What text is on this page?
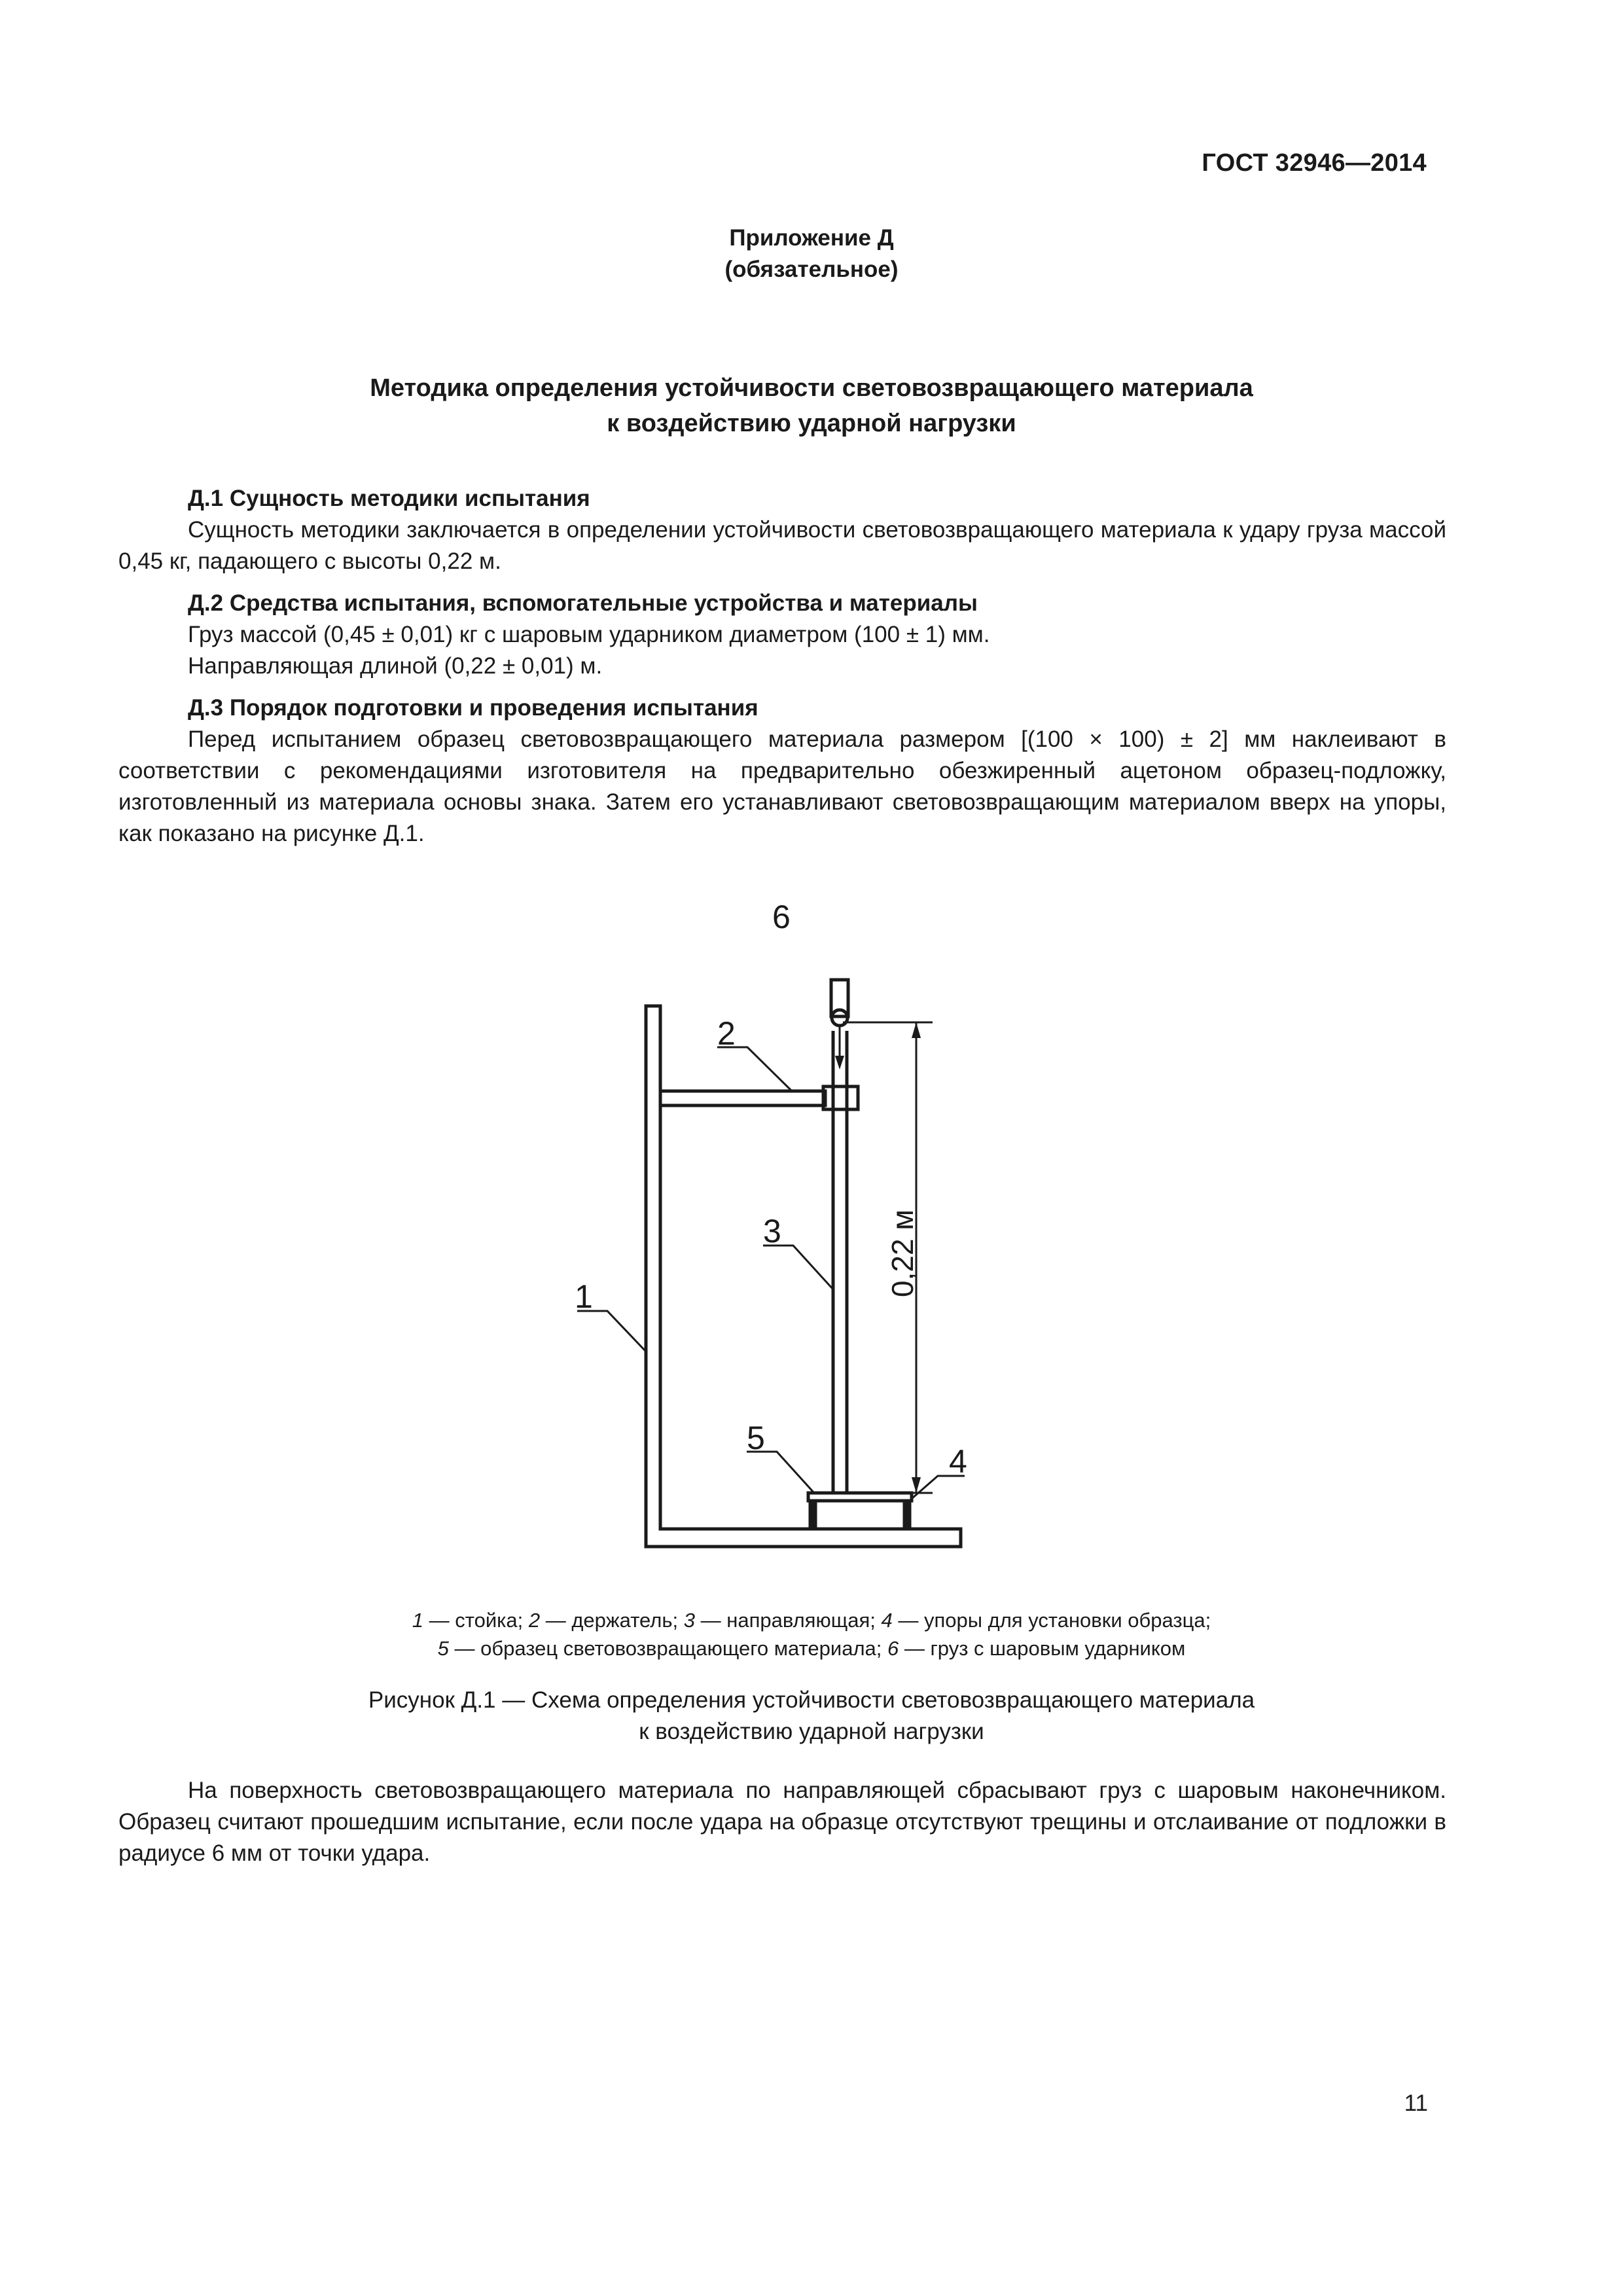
ГОСТ 32946—2014
Приложение Д
(обязательное)
Методика определения устойчивости световозвращающего материала
к воздействию ударной нагрузки
Д.1 Сущность методики испытания

Сущность методики заключается в определении устойчивости световозвращающего материала к удару груза массой 0,45 кг, падающего с высоты 0,22 м.

Д.2 Средства испытания, вспомогательные устройства и материалы

Груз массой (0,45 ± 0,01) кг с шаровым ударником диаметром (100 ± 1) мм.

Направляющая длиной (0,22 ± 0,01) м.

Д.3 Порядок подготовки и проведения испытания

Перед испытанием образец световозвращающего материала размером [(100 × 100) ± 2] мм наклеивают в соответствии с рекомендациями изготовителя на предварительно обезжиренный ацетоном образец-подложку, изготовленный из материала основы знака. Затем его устанавливают световозвращающим материалом вверх на упоры, как показано на рисунке Д.1.

0,22 м
1
2
3
4
5
6
1 — стойка; 2 — держатель; 3 — направляющая; 4 — упоры для установки образца;
5 — образец световозвращающего материала; 6 — груз с шаровым ударником
Рисунок Д.1 — Схема определения устойчивости световозвращающего материала
к воздействию ударной нагрузки

На поверхность световозвращающего материала по направляющей сбрасывают груз с шаровым наконечником. Образец считают прошедшим испытание, если после удара на образце отсутствуют трещины и отслаивание от подложки в радиусе 6 мм от точки удара.

11
